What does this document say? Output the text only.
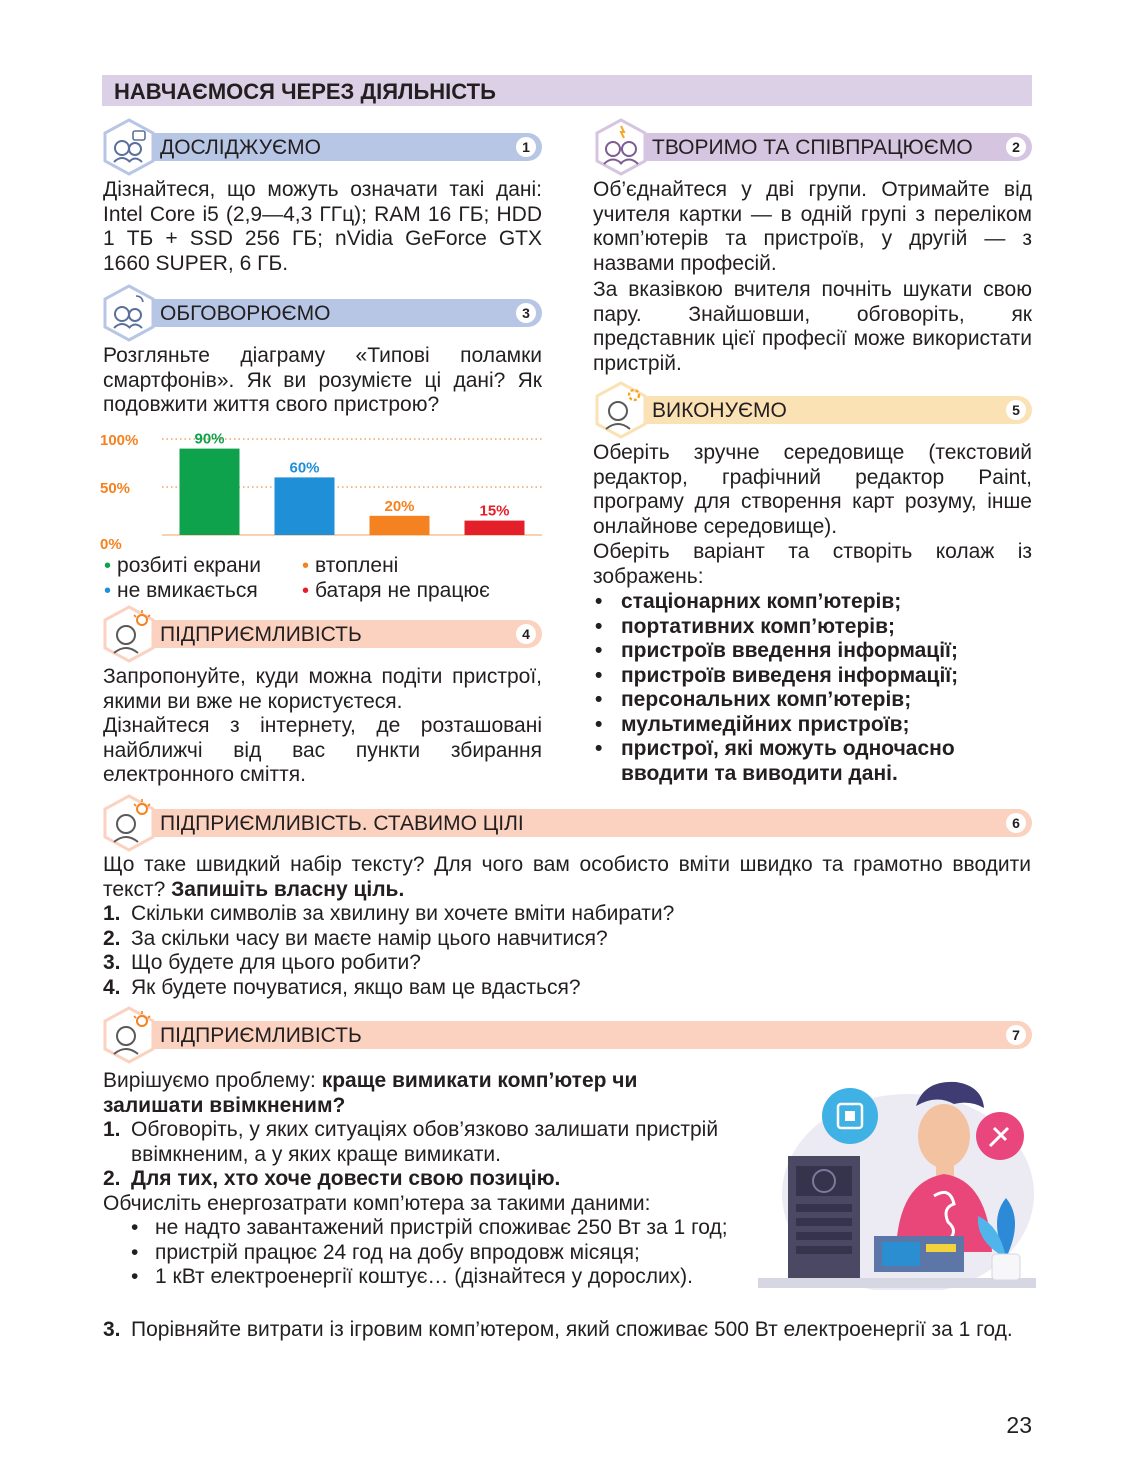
НАВЧАЄМОСЯ ЧЕРЕЗ ДІЯЛЬНІСТЬ
ДОСЛІДЖУЄМО	1
Дізнайтеся, що можуть означати такі дані: Intel Core i5 (2,9—4,3 ГГц); RAM 16 ГБ; HDD 1 ТБ + SSD 256 ГБ; nVidia GeForce GTX 1660 SUPER, 6 ГБ.
ТВОРИМО ТА СПІВПРАЦЮЄМО	2
Об’єднайтеся у дві групи. Отримайте від учителя картки — в одній групі з переліком комп’ютерів та пристроїв, у другій — з назвами професій.
За вказівкою вчителя почніть шукати свою пару. Знайшовши, обговоріть, як представник цієї професії може використати пристрій.
ОБГОВОРЮЄМО	3
Розгляньте діаграму «Типові поламки смартфонів». Як ви розумієте ці дані? Як подовжити життя свого пристрою?
0%
50%
100%	90%
60%
20%	15%
• розбиті екрани • втоплені
• не вмикається • батаря не працює
ПІДПРИЄМЛИВІСТЬ	4
Запропонуйте, куди можна подіти пристрої, якими ви вже не користуєтеся.
Дізнайтеся з інтернету, де розташовані найближчі від вас пункти збирання електронного сміття.
ВИКОНУЄМО	5
Оберіть зручне середовище (текстовий редактор, графічний редактор Paint, програму для створення карт розуму, інше онлайнове середовище).
Оберіть варіант та створіть колаж із зображень:
• стаціонарних комп’ютерів;
• портативних комп’ютерів;
• пристроїв введення інформації;
• пристроїв виведеня інформації;
• персональних комп’ютерів;
• мультимедійних пристроїв;
• пристрої, які можуть одночасно вводити та виводити дані.
ПІДПРИЄМЛИВІСТЬ. СТАВИМО ЦІЛІ	6
Що таке швидкий набір тексту? Для чого вам особисто вміти швидко та грамотно вводити текст? Запишіть власну ціль.
1. Скільки символів за хвилину ви хочете вміти набирати?
2. За скільки часу ви маєте намір цього навчитися?
3. Що будете для цього робити?
4. Як будете почуватися, якщо вам це вдасться?
ПІДПРИЄМЛИВІСТЬ	7
Вирішуємо проблему: краще вимикати комп’ютер чи залишати ввімкненим?
1. Обговоріть, у яких ситуаціях обов’язково залишати пристрій ввімкненим, а у яких краще вимикати.
2. Для тих, хто хоче довести свою позицію.
Обчисліть енергозатрати комп’ютера за такими даними:
• не надто завантажений пристрій споживає 250 Вт за 1 год;
• пристрій працює 24 год на добу впродовж місяця;
• 1 кВт електроенергії коштує… (дізнайтеся у дорослих).
3. Порівняйте витрати із ігровим комп’ютером, який споживає 500 Вт електроенергії за 1 год.
23
